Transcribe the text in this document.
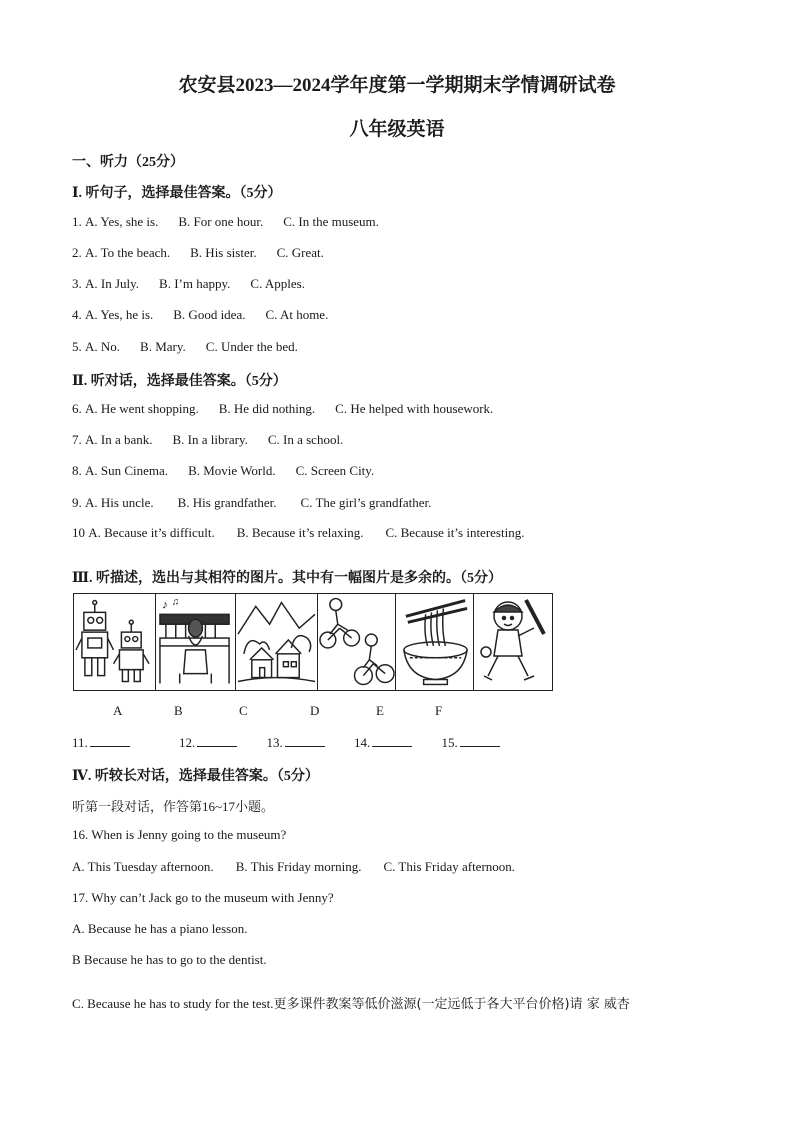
农安县2023—2024学年度第一学期期末学情调研试卷
八年级英语
一、听力（25分）
Ⅰ. 听句子，选择最佳答案。（5分）
1. A. Yes, she is. B. For one hour. C. In the museum.
2. A. To the beach. B. His sister. C. Great.
3. A. In July. B. I’m happy. C. Apples.
4. A. Yes, he is. B. Good idea. C. At home.
5. A. No. B. Mary. C. Under the bed.
Ⅱ. 听对话，选择最佳答案。（5分）
6. A. He went shopping. B. He did nothing. C. He helped with housework.
7. A. In a bank. B. In a library. C. In a school.
8. A. Sun Cinema. B. Movie World. C. Screen City.
9. A. His uncle. B. His grandfather. C. The girl’s grandfather.
10 A. Because it’s difficult. B. Because it’s relaxing. C. Because it’s interesting.
Ⅲ. 听描述，选出与其相符的图片。其中有一幅图片是多余的。（5分）
♪ ♫
A	B	C	D	E	F
11.	12.	13.	14.	15.
Ⅳ. 听较长对话，选择最佳答案。（5分）
听第一段对话，作答第16~17小题。
16. When is Jenny going to the museum?
A. This Tuesday afternoon. B. This Friday morning. C. This Friday afternoon.
17. Why can’t Jack go to the museum with Jenny?
A. Because he has a piano lesson.
B Because he has to go to the dentist.
C. Because he has to study for the test.更多课件教案等低价滋源(一定远低于各大平台价格)请 家 威杏
